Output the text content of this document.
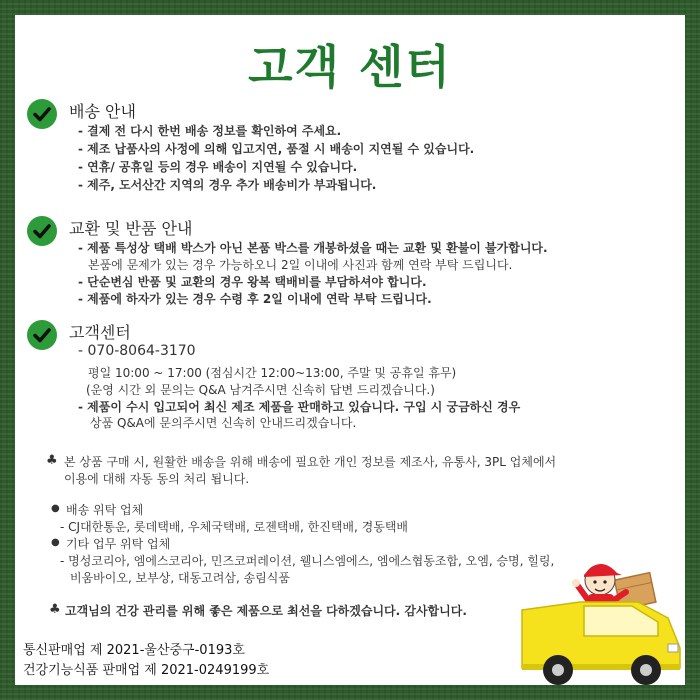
고객 센터
배송 안내
- 결제 전 다시 한번 배송 정보를 확인하여 주세요.
- 제조 납품사의 사정에 의해 입고지연, 품절 시 배송이 지연될 수 있습니다.
- 연휴/ 공휴일 등의 경우 배송이 지연될 수 있습니다.
- 제주, 도서산간 지역의 경우 추가 배송비가 부과됩니다.
교환 및 반품 안내
- 제품 특성상 택배 박스가 아닌 본품 박스를 개봉하셨을 때는 교환 및 환불이 불가합니다.
본품에 문제가 있는 경우 가능하오니 2일 이내에 사진과 함께 연락 부탁 드립니다.
- 단순변심 반품 및 교환의 경우 왕복 택배비를 부담하셔야 합니다.
- 제품에 하자가 있는 경우 수령 후 2일 이내에 연락 부탁 드립니다.
고객센터
- 070-8064-3170
평일 10:00 ~ 17:00 (점심시간 12:00~13:00, 주말 및 공휴일 휴무)
(운영 시간 외 문의는 Q&A 남겨주시면 신속히 답변 드리겠습니다.)
- 제품이 수시 입고되어 최신 제조 제품을 판매하고 있습니다. 구입 시 궁금하신 경우
상품 Q&A에 문의주시면 신속히 안내드리겠습니다.
♣ 본 상품 구매 시, 원활한 배송을 위해 배송에 필요한 개인 정보를 제조사, 유통사, 3PL 업체에서
이용에 대해 자동 동의 처리 됩니다.
● 배송 위탁 업체
- CJ대한통운, 롯데택배, 우체국택배, 로젠택배, 한진택배, 경동택배
● 기타 업무 위탁 업체
- 명성코리아, 엠에스코리아, 민즈코퍼레이션, 웰니스엠에스, 엠에스협동조합, 오엠, 승명, 힐링,
비움바이오, 보부상, 대동고려삼, 송림식품
♣ 고객님의 건강 관리를 위해 좋은 제품으로 최선을 다하겠습니다. 감사합니다.
통신판매업 제 2021-울산중구-0193호
건강기능식품 판매업 제 2021-0249199호
